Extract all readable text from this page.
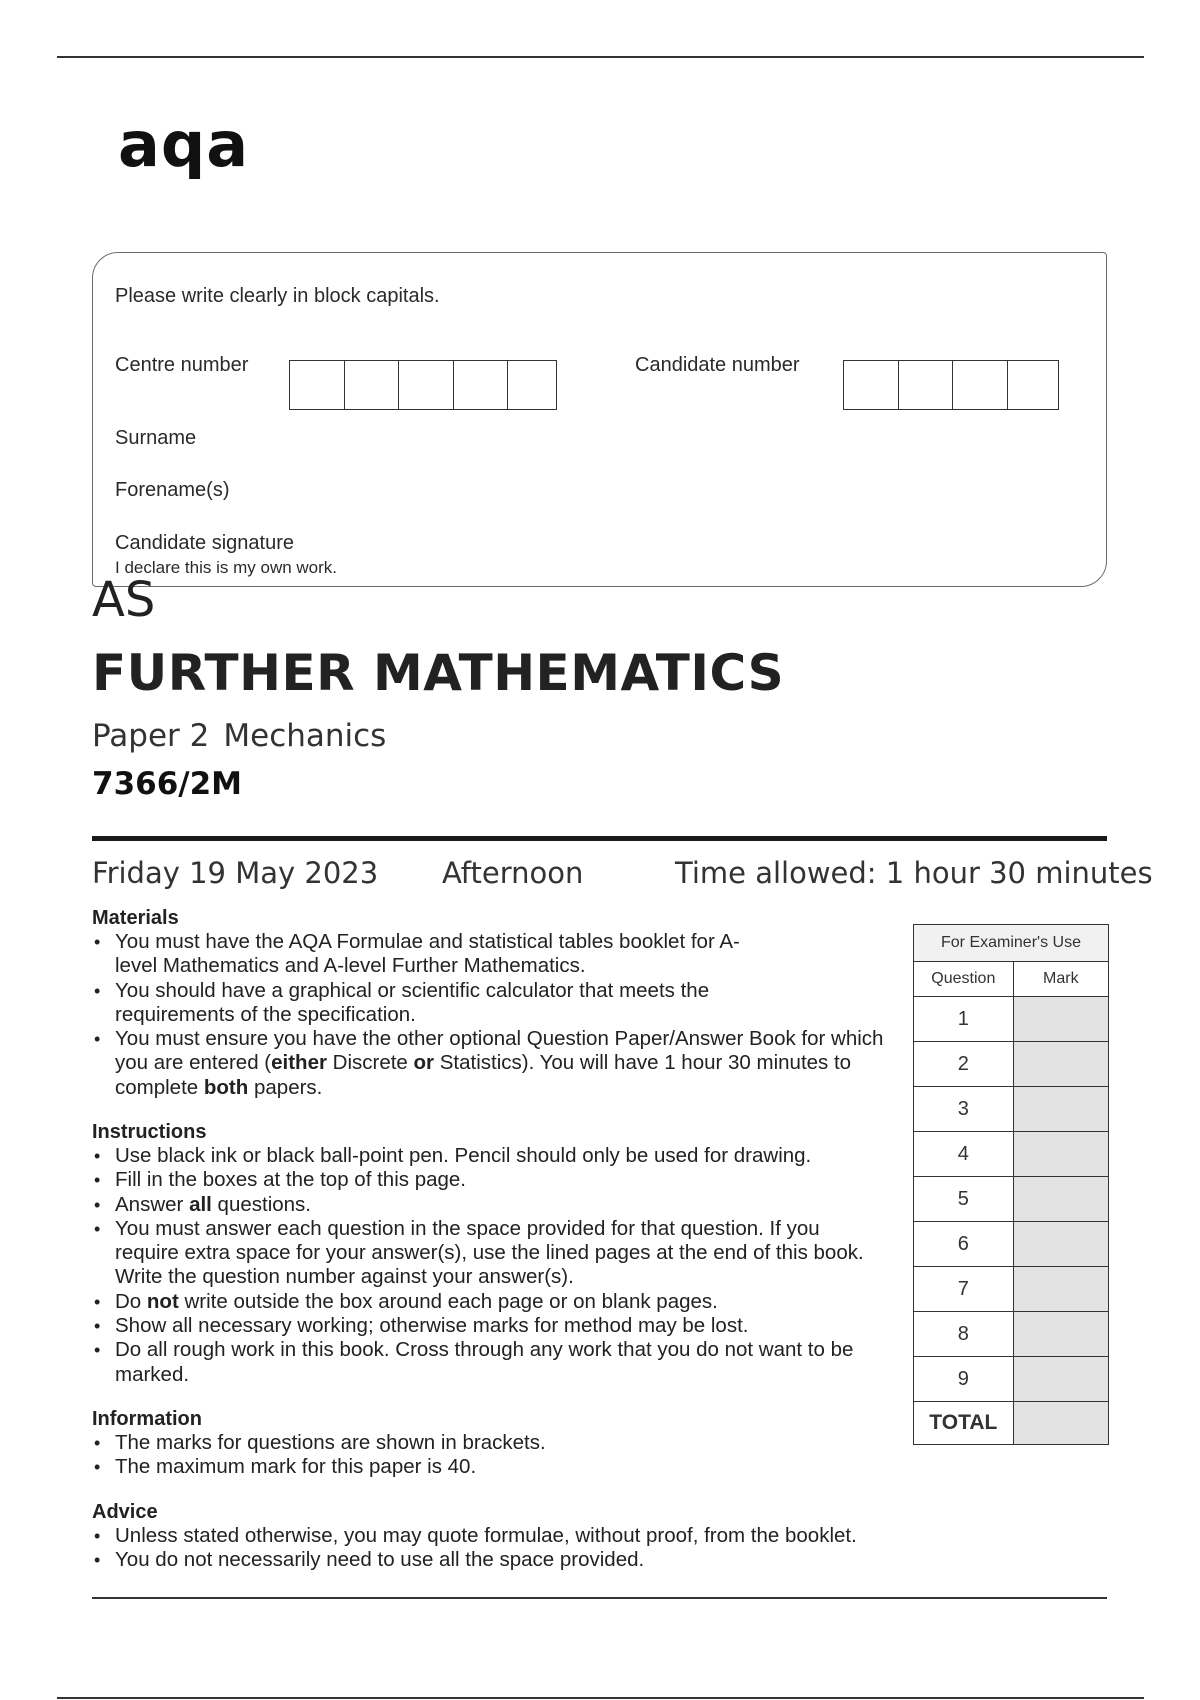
aqa
Please write clearly in block capitals.
Centre number	Candidate number
Surname
Forename(s)
Candidate signature
I declare this is my own work.
AS
FURTHER MATHEMATICS
Paper 2 Mechanics
7366/2M
Friday 19 May 2023 Afternoon	Time allowed: 1 hour 30 minutes
Materials
• You must have the AQA Formulae and statistical tables booklet for A-level Mathematics and A-level Further Mathematics.
• You should have a graphical or scientific calculator that meets the requirements of the specification.
• You must ensure you have the other optional Question Paper/Answer Book for which you are entered (either Discrete or Statistics). You will have 1 hour 30 minutes to complete both papers.
Instructions
• Use black ink or black ball-point pen. Pencil should only be used for drawing.
• Fill in the boxes at the top of this page.
• Answer all questions.
• You must answer each question in the space provided for that question. If you require extra space for your answer(s), use the lined pages at the end of this book. Write the question number against your answer(s).
• Do not write outside the box around each page or on blank pages.
• Show all necessary working; otherwise marks for method may be lost.
• Do all rough work in this book. Cross through any work that you do not want to be marked.
Information
• The marks for questions are shown in brackets.
• The maximum mark for this paper is 40.
Advice
• Unless stated otherwise, you may quote formulae, without proof, from the booklet.
• You do not necessarily need to use all the space provided.
For Examiner's Use	
Question	Mark
1	
2	
3	
4	
5	
6	
7	
8	
9	
TOTAL	
